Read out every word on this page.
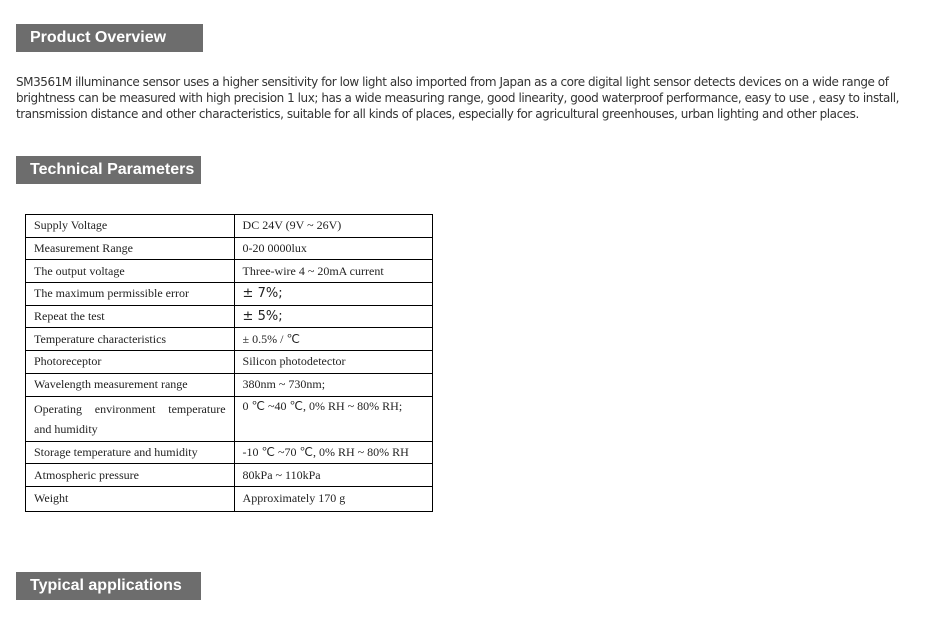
Product Overview
SM3561M illuminance sensor uses a higher sensitivity for low light also imported from Japan as a core digital light sensor detects devices on a wide range of brightness can be measured with high precision 1 lux; has a wide measuring range, good linearity, good waterproof performance, easy to use , easy to install, transmission distance and other characteristics, suitable for all kinds of places, especially for agricultural greenhouses, urban lighting and other places.
Technical Parameters
Supply Voltage	DC 24V (9V ~ 26V)
Measurement Range	0-20 0000lux
The output voltage	Three-wire 4 ~ 20mA current
The maximum permissible error	± 7%;
Repeat the test	± 5%;
Temperature characteristics	± 0.5% / ℃
Photoreceptor	Silicon photodetector
Wavelength measurement range	380nm ~ 730nm;
Operating environment temperature and humidity	0 ℃ ~40 ℃, 0% RH ~ 80% RH;
Storage temperature and humidity	-10 ℃ ~70 ℃, 0% RH ~ 80% RH
Atmospheric pressure	80kPa ~ 110kPa
Weight	Approximately 170 g
Typical applications
